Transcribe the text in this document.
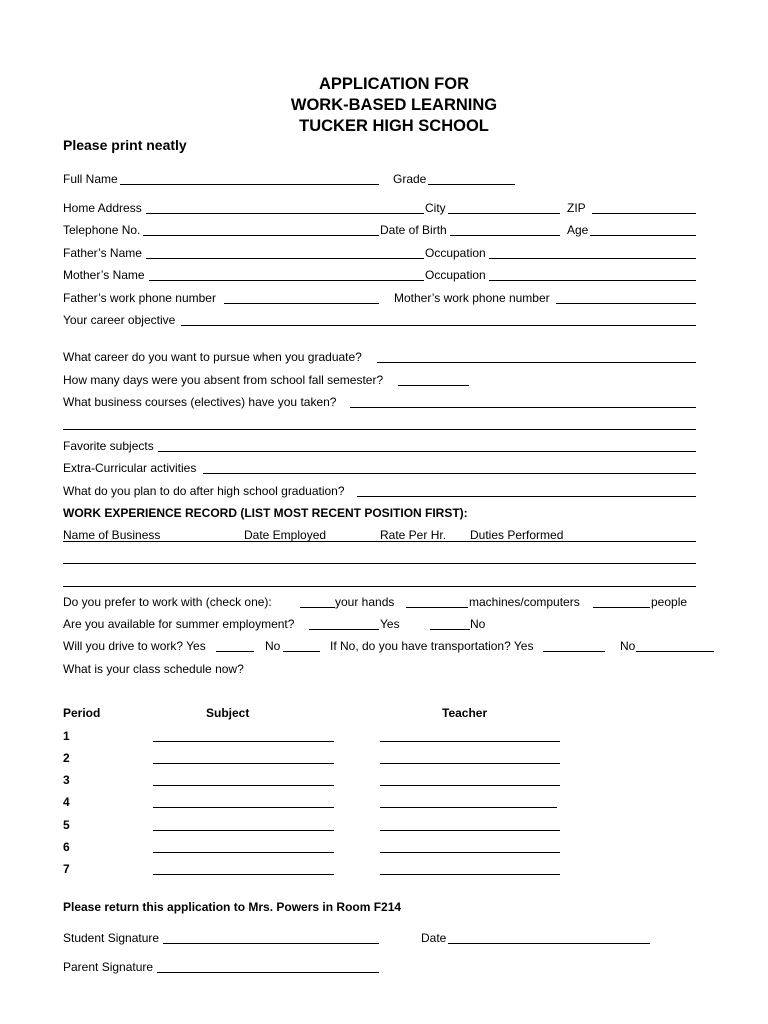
APPLICATION FOR
WORK-BASED LEARNING
TUCKER HIGH SCHOOL
Please print neatly
Full Name	Grade
Home Address	City	ZIP
Telephone No.	Date of Birth	Age
Father’s Name	Occupation
Mother’s Name	Occupation
Father’s work phone number	Mother’s work phone number
Your career objective
What career do you want to pursue when you graduate?
How many days were you absent from school fall semester?
What business courses (electives) have you taken?
Favorite subjects
Extra-Curricular activities
What do you plan to do after high school graduation?
WORK EXPERIENCE RECORD (LIST MOST RECENT POSITION FIRST):
Name of Business	Date Employed	Rate Per Hr. Duties Performed
Do you prefer to work with (check one):	your hands	machines/computers	people
Are you available for summer employment?	Yes	No
Will you drive to work? Yes	No	If No, do you have transportation? Yes	No
What is your class schedule now?
Period	Subject	Teacher
1
2
3
4
5
6
7
Please return this application to Mrs. Powers in Room F214
Student Signature	Date
Parent Signature
